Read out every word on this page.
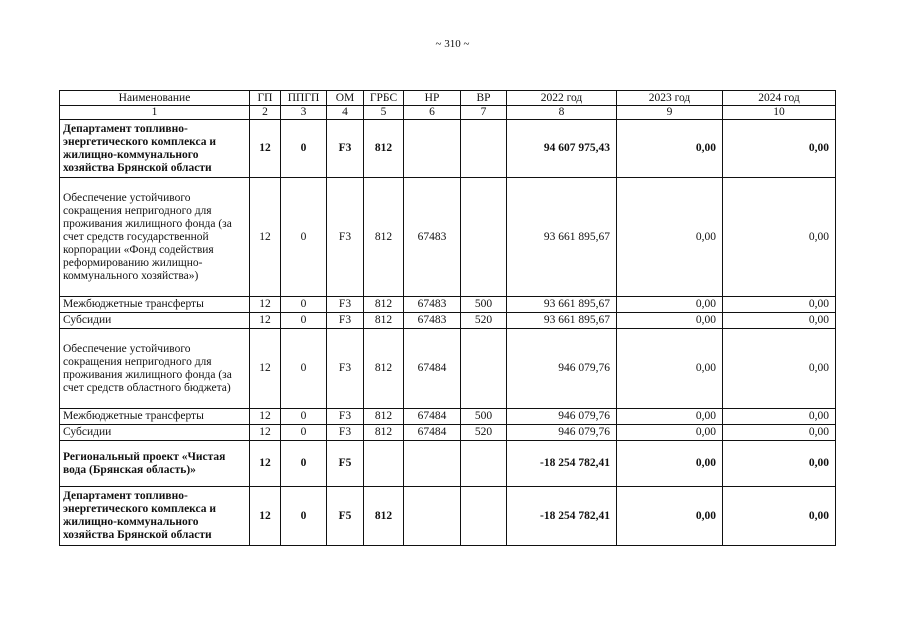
~ 310 ~
Наименование	ГП	ППГП	ОМ	ГРБС	НР	ВР	2022 год	2023 год	2024 год
1	2	3	4	5	6	7	8	9	10
Департамент топливно-энергетического комплекса и жилищно-коммунального хозяйства Брянской области	12	0	F3	812			94 607 975,43	0,00	0,00
Обеспечение устойчивого сокращения непригодного для проживания жилищного фонда (за счет средств государственной корпорации «Фонд содействия реформированию жилищно-коммунального хозяйства»)	12	0	F3	812	67483		93 661 895,67	0,00	0,00
Межбюджетные трансферты	12	0	F3	812	67483	500	93 661 895,67	0,00	0,00
Субсидии	12	0	F3	812	67483	520	93 661 895,67	0,00	0,00
Обеспечение устойчивого сокращения непригодного для проживания жилищного фонда (за счет средств областного бюджета)	12	0	F3	812	67484		946 079,76	0,00	0,00
Межбюджетные трансферты	12	0	F3	812	67484	500	946 079,76	0,00	0,00
Субсидии	12	0	F3	812	67484	520	946 079,76	0,00	0,00
Региональный проект «Чистая вода (Брянская область)»	12	0	F5				-18 254 782,41	0,00	0,00
Департамент топливно-энергетического комплекса и жилищно-коммунального хозяйства Брянской области	12	0	F5	812			-18 254 782,41	0,00	0,00
